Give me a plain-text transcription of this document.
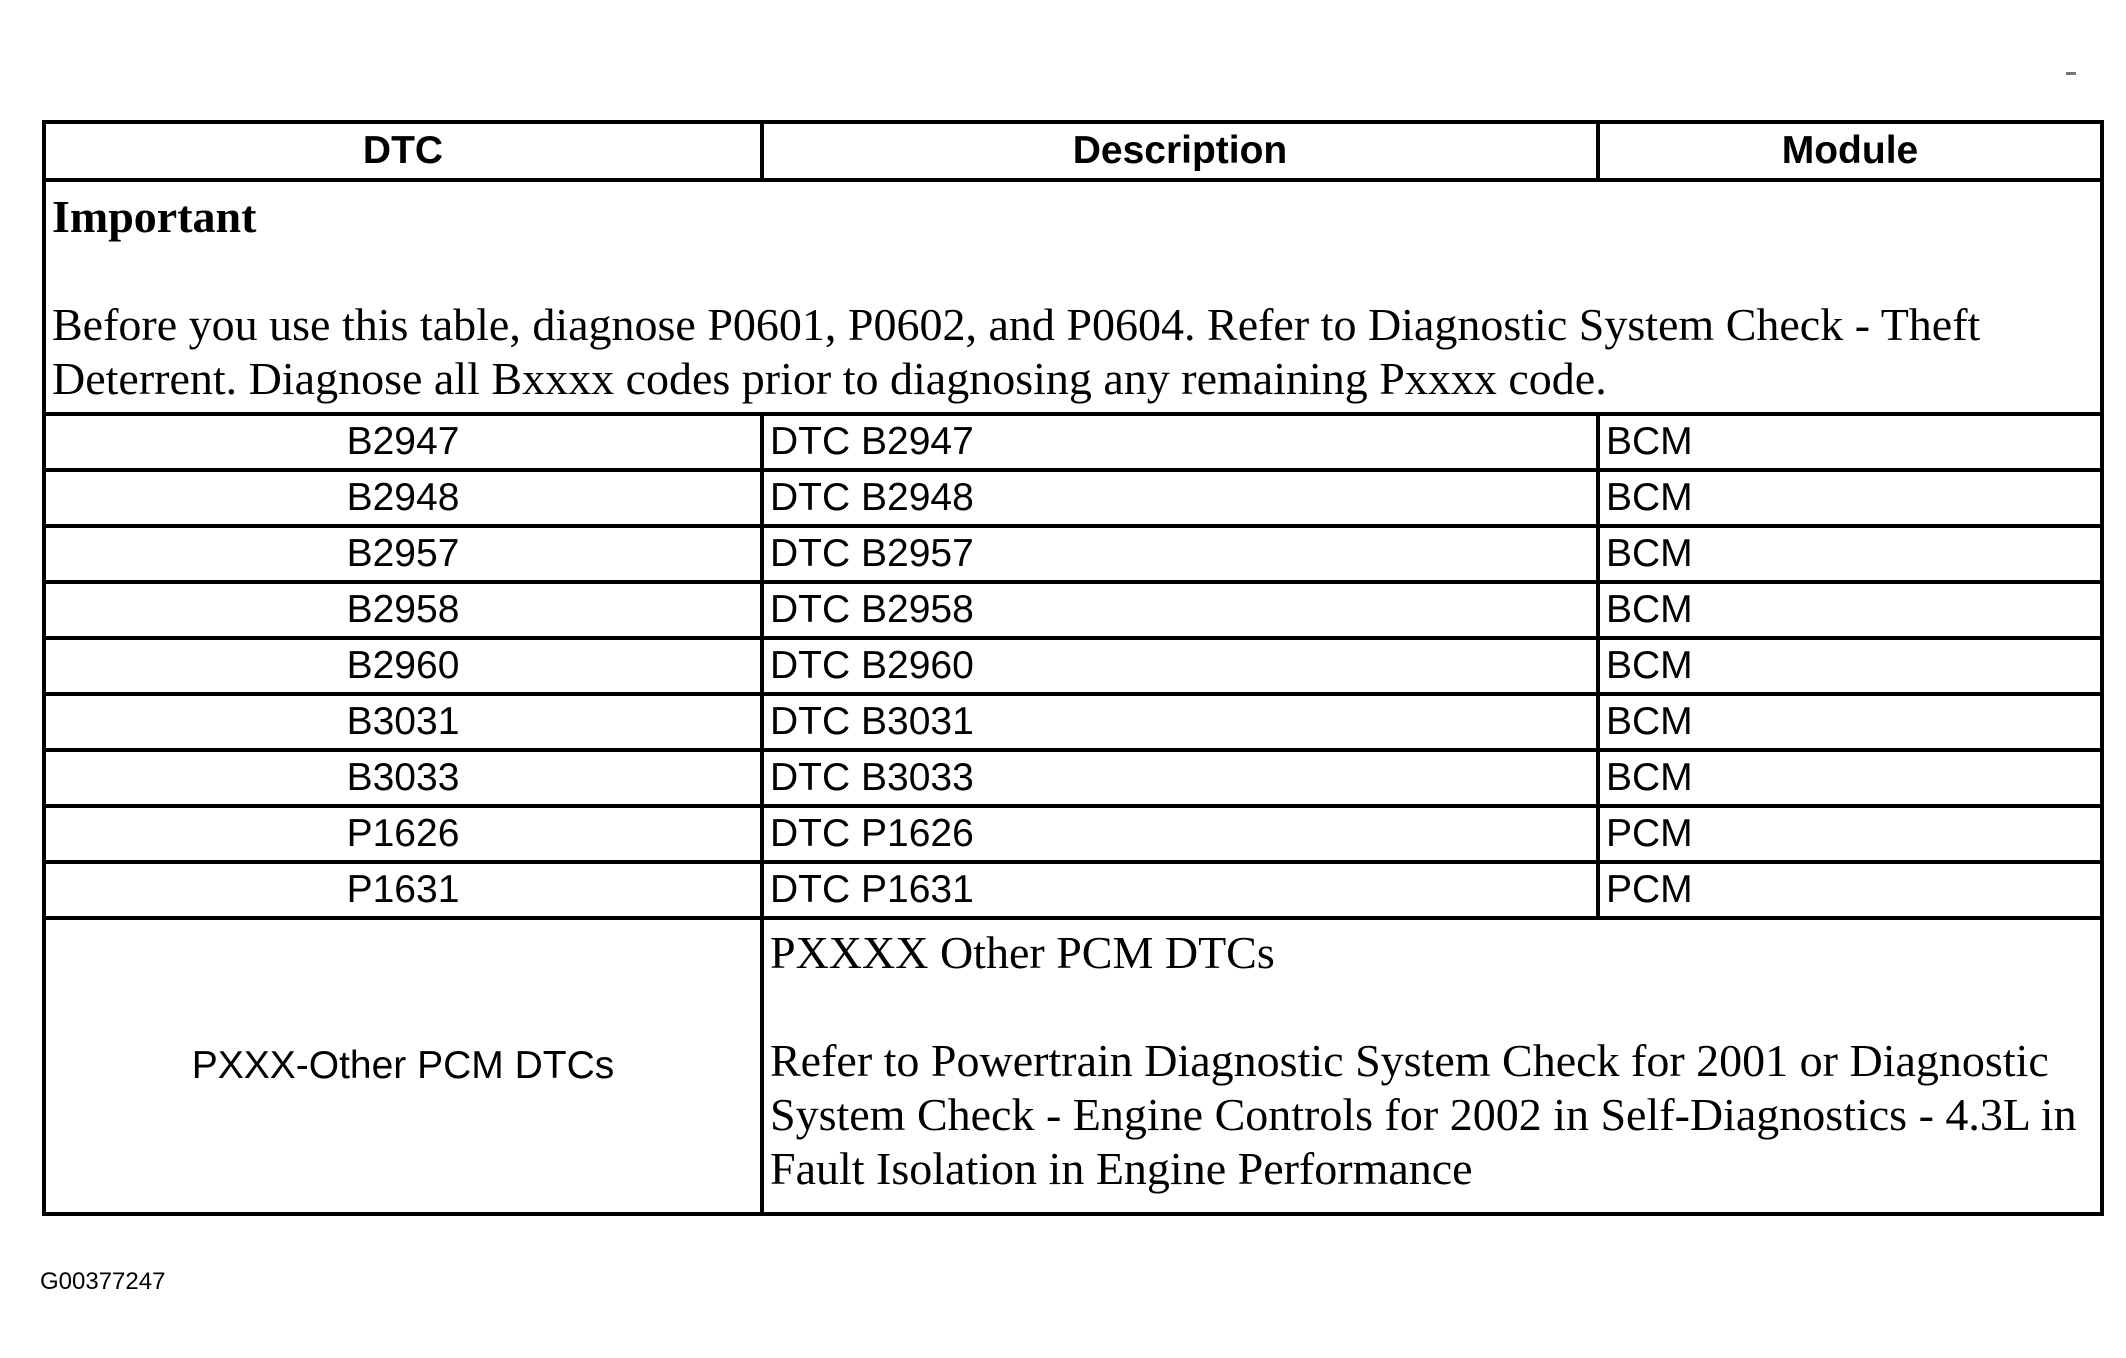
DTC	Description	Module

Important
Before you use this table, diagnose P0601, P0602, and P0604. Refer to Diagnostic System Check - Theft Deterrent. Diagnose all Bxxxx codes prior to diagnosing any remaining Pxxxx code.		

B2947	DTC B2947	BCM
B2948	DTC B2948	BCM
B2957	DTC B2957	BCM
B2958	DTC B2958	BCM
B2960	DTC B2960	BCM
B3031	DTC B3031	BCM
B3033	DTC B3033	BCM
P1626	DTC P1626	PCM
P1631	DTC P1631	PCM
PXXX-Other PCM DTCs	PXXXX Other PCM DTCs
Refer to Powertrain Diagnostic System Check for 2001 or Diagnostic System Check - Engine Controls for 2002 in Self-Diagnostics - 4.3L in Fault Isolation in Engine Performance	
G00377247
